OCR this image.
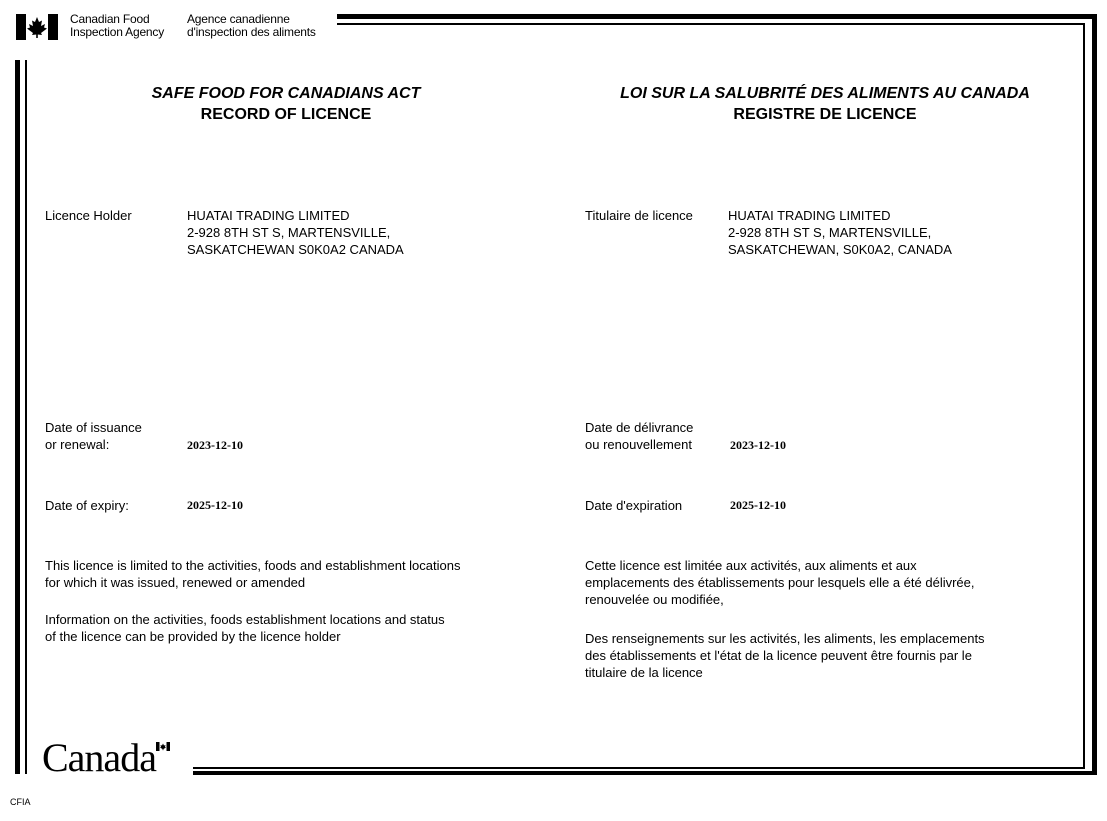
Canadian Food
Inspection Agency
Agence canadienne
d'inspection des aliments
SAFE FOOD FOR CANADIANS ACT
RECORD OF LICENCE
LOI SUR LA SALUBRITÉ DES ALIMENTS AU CANADA
REGISTRE DE LICENCE
Licence Holder	HUATAI TRADING LIMITED
2-928 8TH ST S, MARTENSVILLE,
SASKATCHEWAN S0K0A2 CANADA
Titulaire de licence	HUATAI TRADING LIMITED
2-928 8TH ST S, MARTENSVILLE,
SASKATCHEWAN, S0K0A2, CANADA
Date of issuance
or renewal:	2023-12-10
Date de délivrance
ou renouvellement	2023-12-10
Date of expiry:	2025-12-10	Date d'expiration	2025-12-10
This licence is limited to the activities, foods and establishment locations
for which it was issued, renewed or amended
Information on the activities, foods establishment locations and status
of the licence can be provided by the licence holder
Cette licence est limitée aux activités, aux aliments et aux
emplacements des établissements pour lesquels elle a été délivrée,
renouvelée ou modifiée,
Des renseignements sur les activités, les aliments, les emplacements
des établissements et l'état de la licence peuvent être fournis par le
titulaire de la licence
Canada
CFIA
